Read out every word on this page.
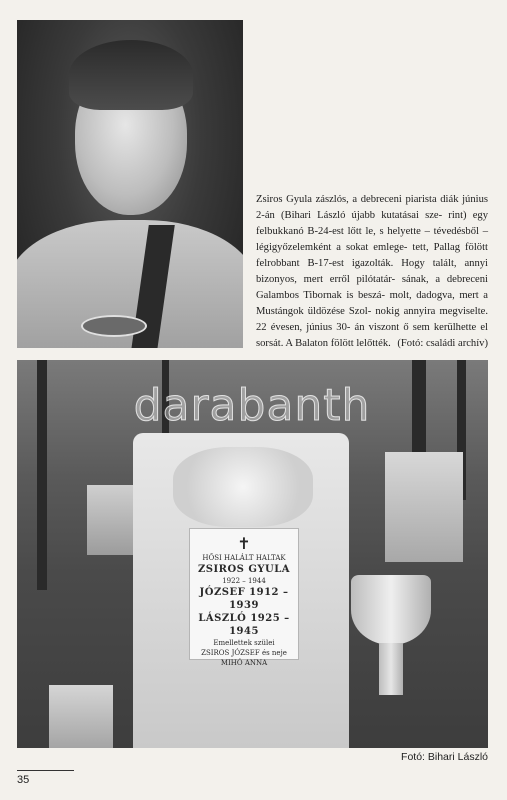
Zsiros Gyula zászlós, a debreceni piarista diák június 2-án (Bihari László újabb kutatásai sze- rint) egy felbukkanó B-24-est lőtt le, s helyette – tévedésből – légigyőzelemként a sokat emlege- tett, Pallag fölött felrobbant B-17-est igazolták. Hogy talált, annyi bizonyos, mert erről pilótatár- sának, a debreceni Galambos Tibornak is beszá- molt, dadogva, mert a Mustángok üldözése Szol- nokig annyira megviselte. 22 évesen, június 30- án viszont ő sem kerülhette el sorsát. A Balaton fölött lelőtték. (Fotó: családi archív)
✝
HŐSI HALÁLT HALTAK
ZSIROS GYULA
1922 – 1944
JÓZSEF 1912 – 1939
LÁSZLÓ 1925 – 1945
Emellettek szülei
ZSIROS JÓZSEF és neje
MIHÓ ANNA
darabanth
Fotó: Bihari László
35
